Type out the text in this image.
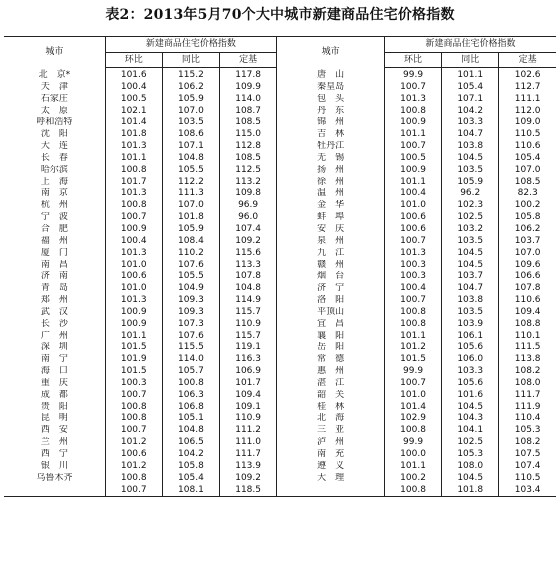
表2：2013年5月70个大中城市新建商品住宅价格指数
城市	新建商品住宅价格指数			城市	新建商品住宅价格指数		
	环比	同比	定基		环比	同比	定基
北　京*	101.6	115.2	117.8	唐　山	99.9	101.1	102.6
天　津	100.4	106.2	109.9	秦皇岛	100.7	105.4	112.7
石家庄	100.5	105.9	114.0	包　头	101.3	107.1	111.1
太　原	102.1	107.0	108.7	丹　东	100.8	104.2	112.0
呼和浩特	101.4	103.5	108.5	锦　州	100.9	103.3	109.0
沈　阳	101.8	108.6	115.0	吉　林	101.1	104.7	110.5
大　连	101.3	107.1	112.8	牡丹江	100.7	103.8	110.6
长　春	101.1	104.8	108.5	无　锡	100.5	104.5	105.4
哈尔滨	100.8	105.5	112.5	扬　州	100.9	103.5	107.0
上　海	101.7	112.2	113.2	徐　州	101.1	105.9	108.5
南　京	101.3	111.3	109.8	温　州	100.4	96.2	82.3
杭　州	100.8	107.0	96.9	金　华	101.0	102.3	100.2
宁　波	100.7	101.8	96.0	蚌　埠	100.6	102.5	105.8
合　肥	100.9	105.9	107.4	安　庆	100.6	103.2	106.2
福　州	100.4	108.4	109.2	泉　州	100.7	103.5	103.7
厦　门	101.3	110.2	115.6	九　江	101.3	104.5	107.0
南　昌	101.0	107.6	113.3	赣　州	100.3	104.5	109.6
济　南	100.6	105.5	107.8	烟　台	100.3	103.7	106.6
青　岛	101.0	104.9	104.8	济　宁	100.4	104.7	107.8
郑　州	101.3	109.3	114.9	洛　阳	100.7	103.8	110.6
武　汉	100.9	109.3	115.7	平顶山	100.8	103.5	109.4
长　沙	100.9	107.3	110.9	宜　昌	100.8	103.9	108.8
广　州	101.1	107.6	115.7	襄　阳	101.1	106.1	110.1
深　圳	101.5	115.5	119.1	岳　阳	101.2	105.6	111.5
南　宁	101.9	114.0	116.3	常　德	101.5	106.0	113.8
海　口	101.5	105.7	106.9	惠　州	99.9	103.3	108.2
重　庆	100.3	100.8	101.7	湛　江	100.7	105.6	108.0
成　都	100.7	106.3	109.4	韶　关	101.0	101.6	111.7
贵　阳	100.8	106.8	109.1	桂　林	101.4	104.5	111.9
昆　明	100.8	105.1	110.9	北　海	102.9	104.3	110.4
西　安	100.7	104.8	111.2	三　亚	100.8	104.1	105.3
兰　州	101.2	106.5	111.0	泸　州	99.9	102.5	108.2
西　宁	100.6	104.2	111.7	南　充	100.0	105.3	107.5
银　川	101.2	105.8	113.9	遵　义	101.1	108.0	107.4
乌鲁木齐	100.8	105.4	109.2	大　理	100.2	104.5	110.5
	100.7	108.1	118.5		100.8	101.8	103.4
